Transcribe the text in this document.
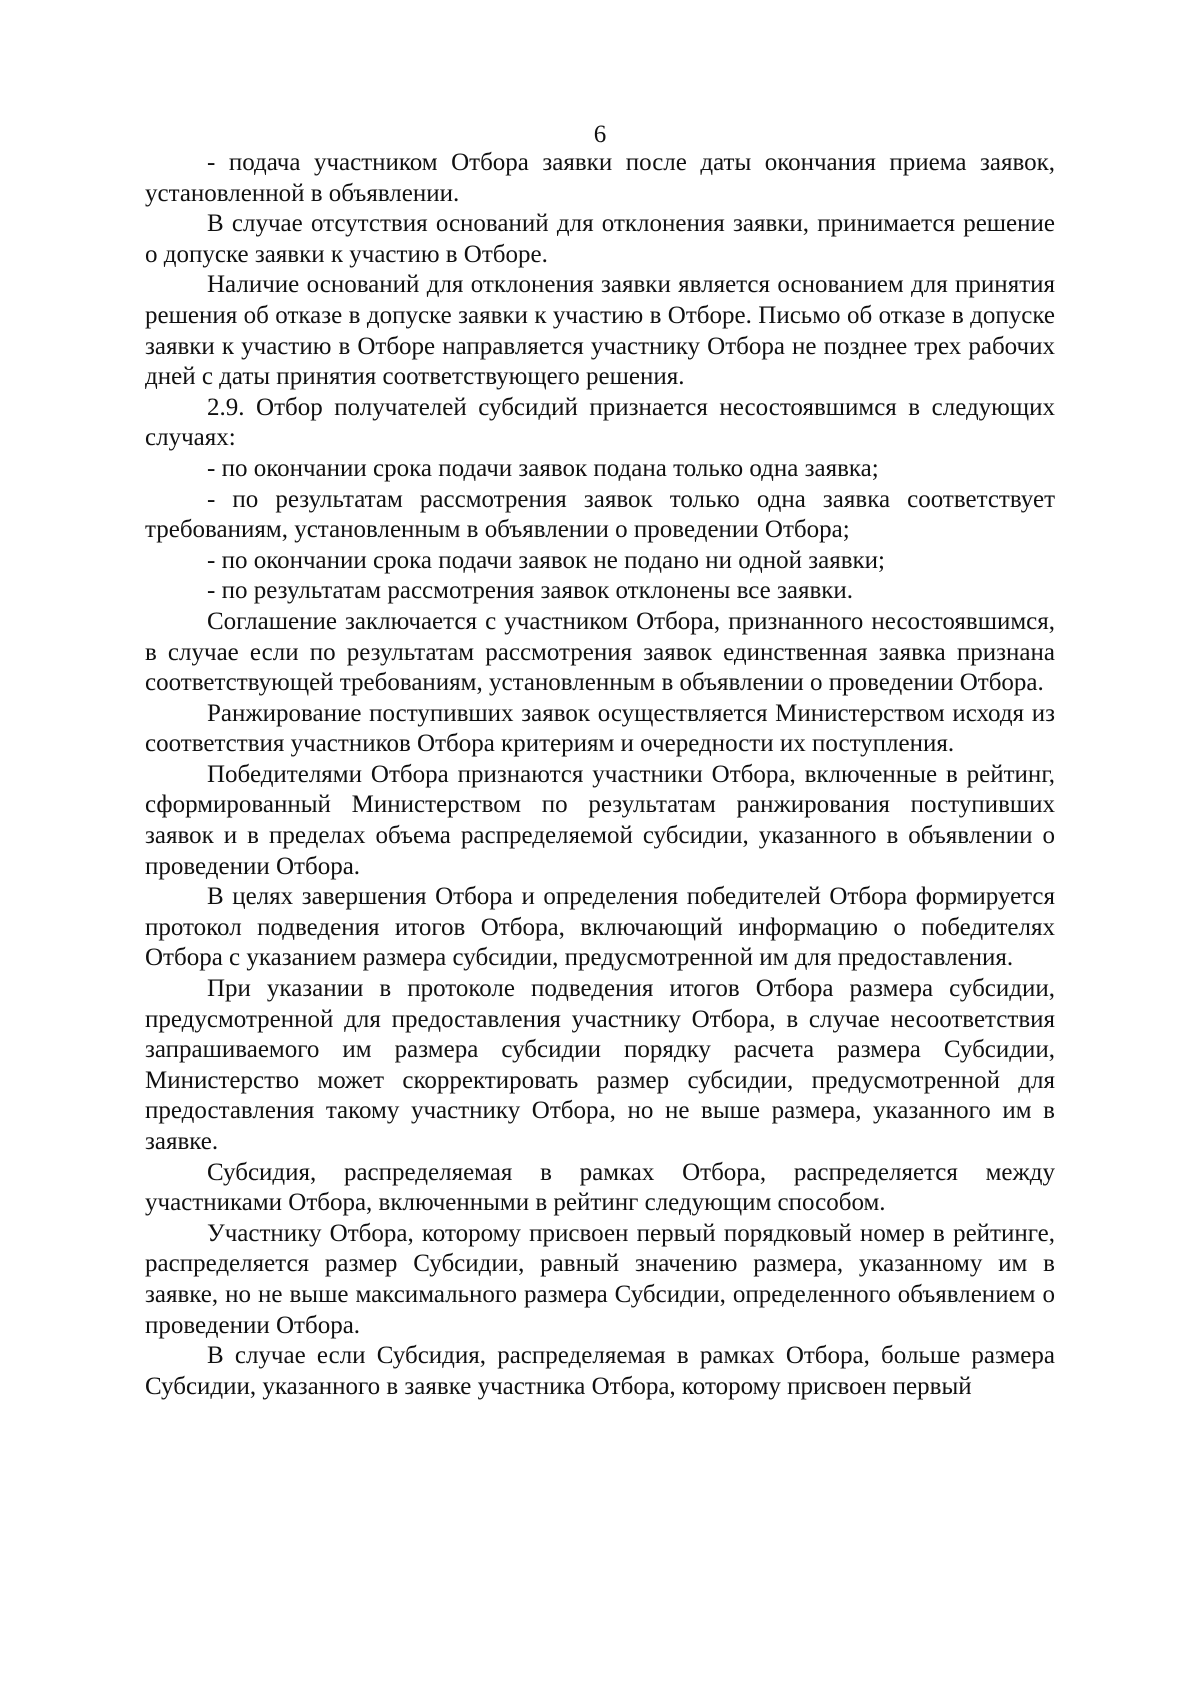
6

- подача участником Отбора заявки после даты окончания приема заявок, установленной в объявлении.

В случае отсутствия оснований для отклонения заявки, принимается решение о допуске заявки к участию в Отборе.

Наличие оснований для отклонения заявки является основанием для принятия решения об отказе в допуске заявки к участию в Отборе. Письмо об отказе в допуске заявки к участию в Отборе направляется участнику Отбора не позднее трех рабочих дней с даты принятия соответствующего решения.

2.9. Отбор получателей субсидий признается несостоявшимся в следующих случаях:

- по окончании срока подачи заявок подана только одна заявка;

- по результатам рассмотрения заявок только одна заявка соответствует требованиям, установленным в объявлении о проведении Отбора;

- по окончании срока подачи заявок не подано ни одной заявки;

- по результатам рассмотрения заявок отклонены все заявки.

Соглашение заключается с участником Отбора, признанного несостоявшимся, в случае если по результатам рассмотрения заявок единственная заявка признана соответствующей требованиям, установленным в объявлении о проведении Отбора.

Ранжирование поступивших заявок осуществляется Министерством исходя из соответствия участников Отбора критериям и очередности их поступления.

Победителями Отбора признаются участники Отбора, включенные в рейтинг, сформированный Министерством по результатам ранжирования поступивших заявок и в пределах объема распределяемой субсидии, указанного в объявлении о проведении Отбора.

В целях завершения Отбора и определения победителей Отбора формируется протокол подведения итогов Отбора, включающий информацию о победителях Отбора с указанием размера субсидии, предусмотренной им для предоставления.

При указании в протоколе подведения итогов Отбора размера субсидии, предусмотренной для предоставления участнику Отбора, в случае несоответствия запрашиваемого им размера субсидии порядку расчета размера Субсидии, Министерство может скорректировать размер субсидии, предусмотренной для предоставления такому участнику Отбора, но не выше размера, указанного им в заявке.

Субсидия, распределяемая в рамках Отбора, распределяется между участниками Отбора, включенными в рейтинг следующим способом.

Участнику Отбора, которому присвоен первый порядковый номер в рейтинге, распределяется размер Субсидии, равный значению размера, указанному им в заявке, но не выше максимального размера Субсидии, определенного объявлением о проведении Отбора.

В случае если Субсидия, распределяемая в рамках Отбора, больше размера Субсидии, указанного в заявке участника Отбора, которому присвоен первый
